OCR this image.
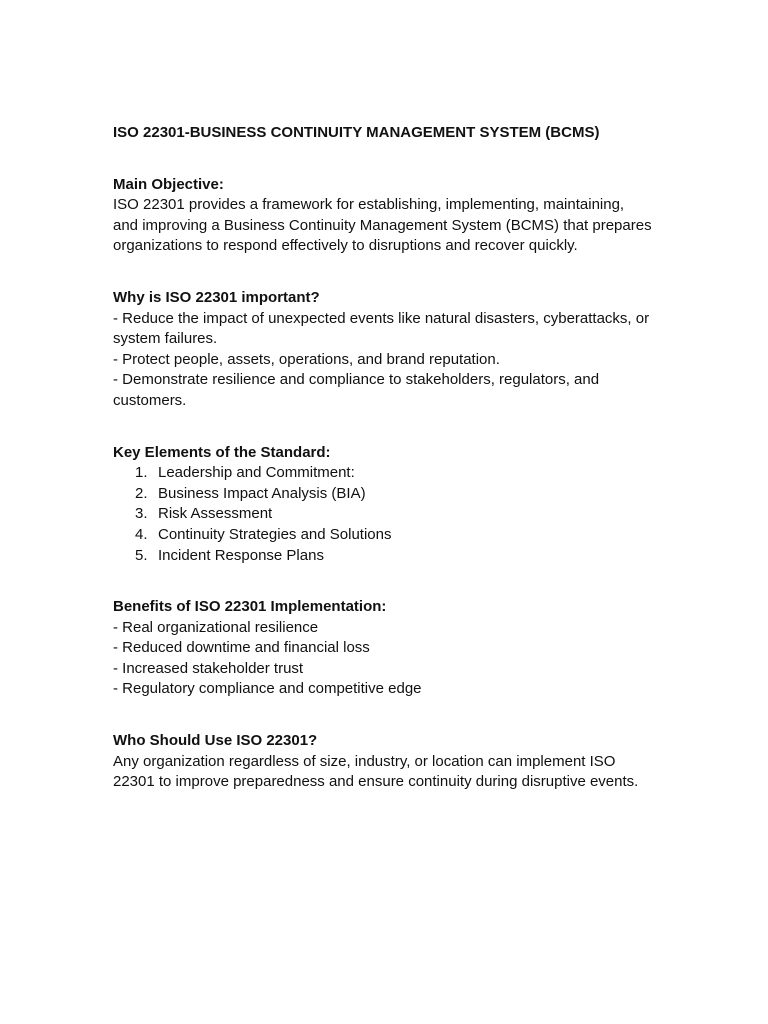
ISO 22301-BUSINESS CONTINUITY MANAGEMENT SYSTEM (BCMS)
Main Objective:

ISO 22301 provides a framework for establishing, implementing, maintaining,

and improving a Business Continuity Management System (BCMS) that prepares

organizations to respond effectively to disruptions and recover quickly.

Why is ISO 22301 important?

- Reduce the impact of unexpected events like natural disasters, cyberattacks, or

system failures.

- Protect people, assets, operations, and brand reputation.

- Demonstrate resilience and compliance to stakeholders, regulators, and

customers.

Key Elements of the Standard:
1. Leadership and Commitment:
2. Business Impact Analysis (BIA)
3. Risk Assessment
4. Continuity Strategies and Solutions
5. Incident Response Plans
Benefits of ISO 22301 Implementation:

- Real organizational resilience

- Reduced downtime and financial loss

- Increased stakeholder trust

- Regulatory compliance and competitive edge

Who Should Use ISO 22301?

Any organization regardless of size, industry, or location can implement ISO

22301 to improve preparedness and ensure continuity during disruptive events.
